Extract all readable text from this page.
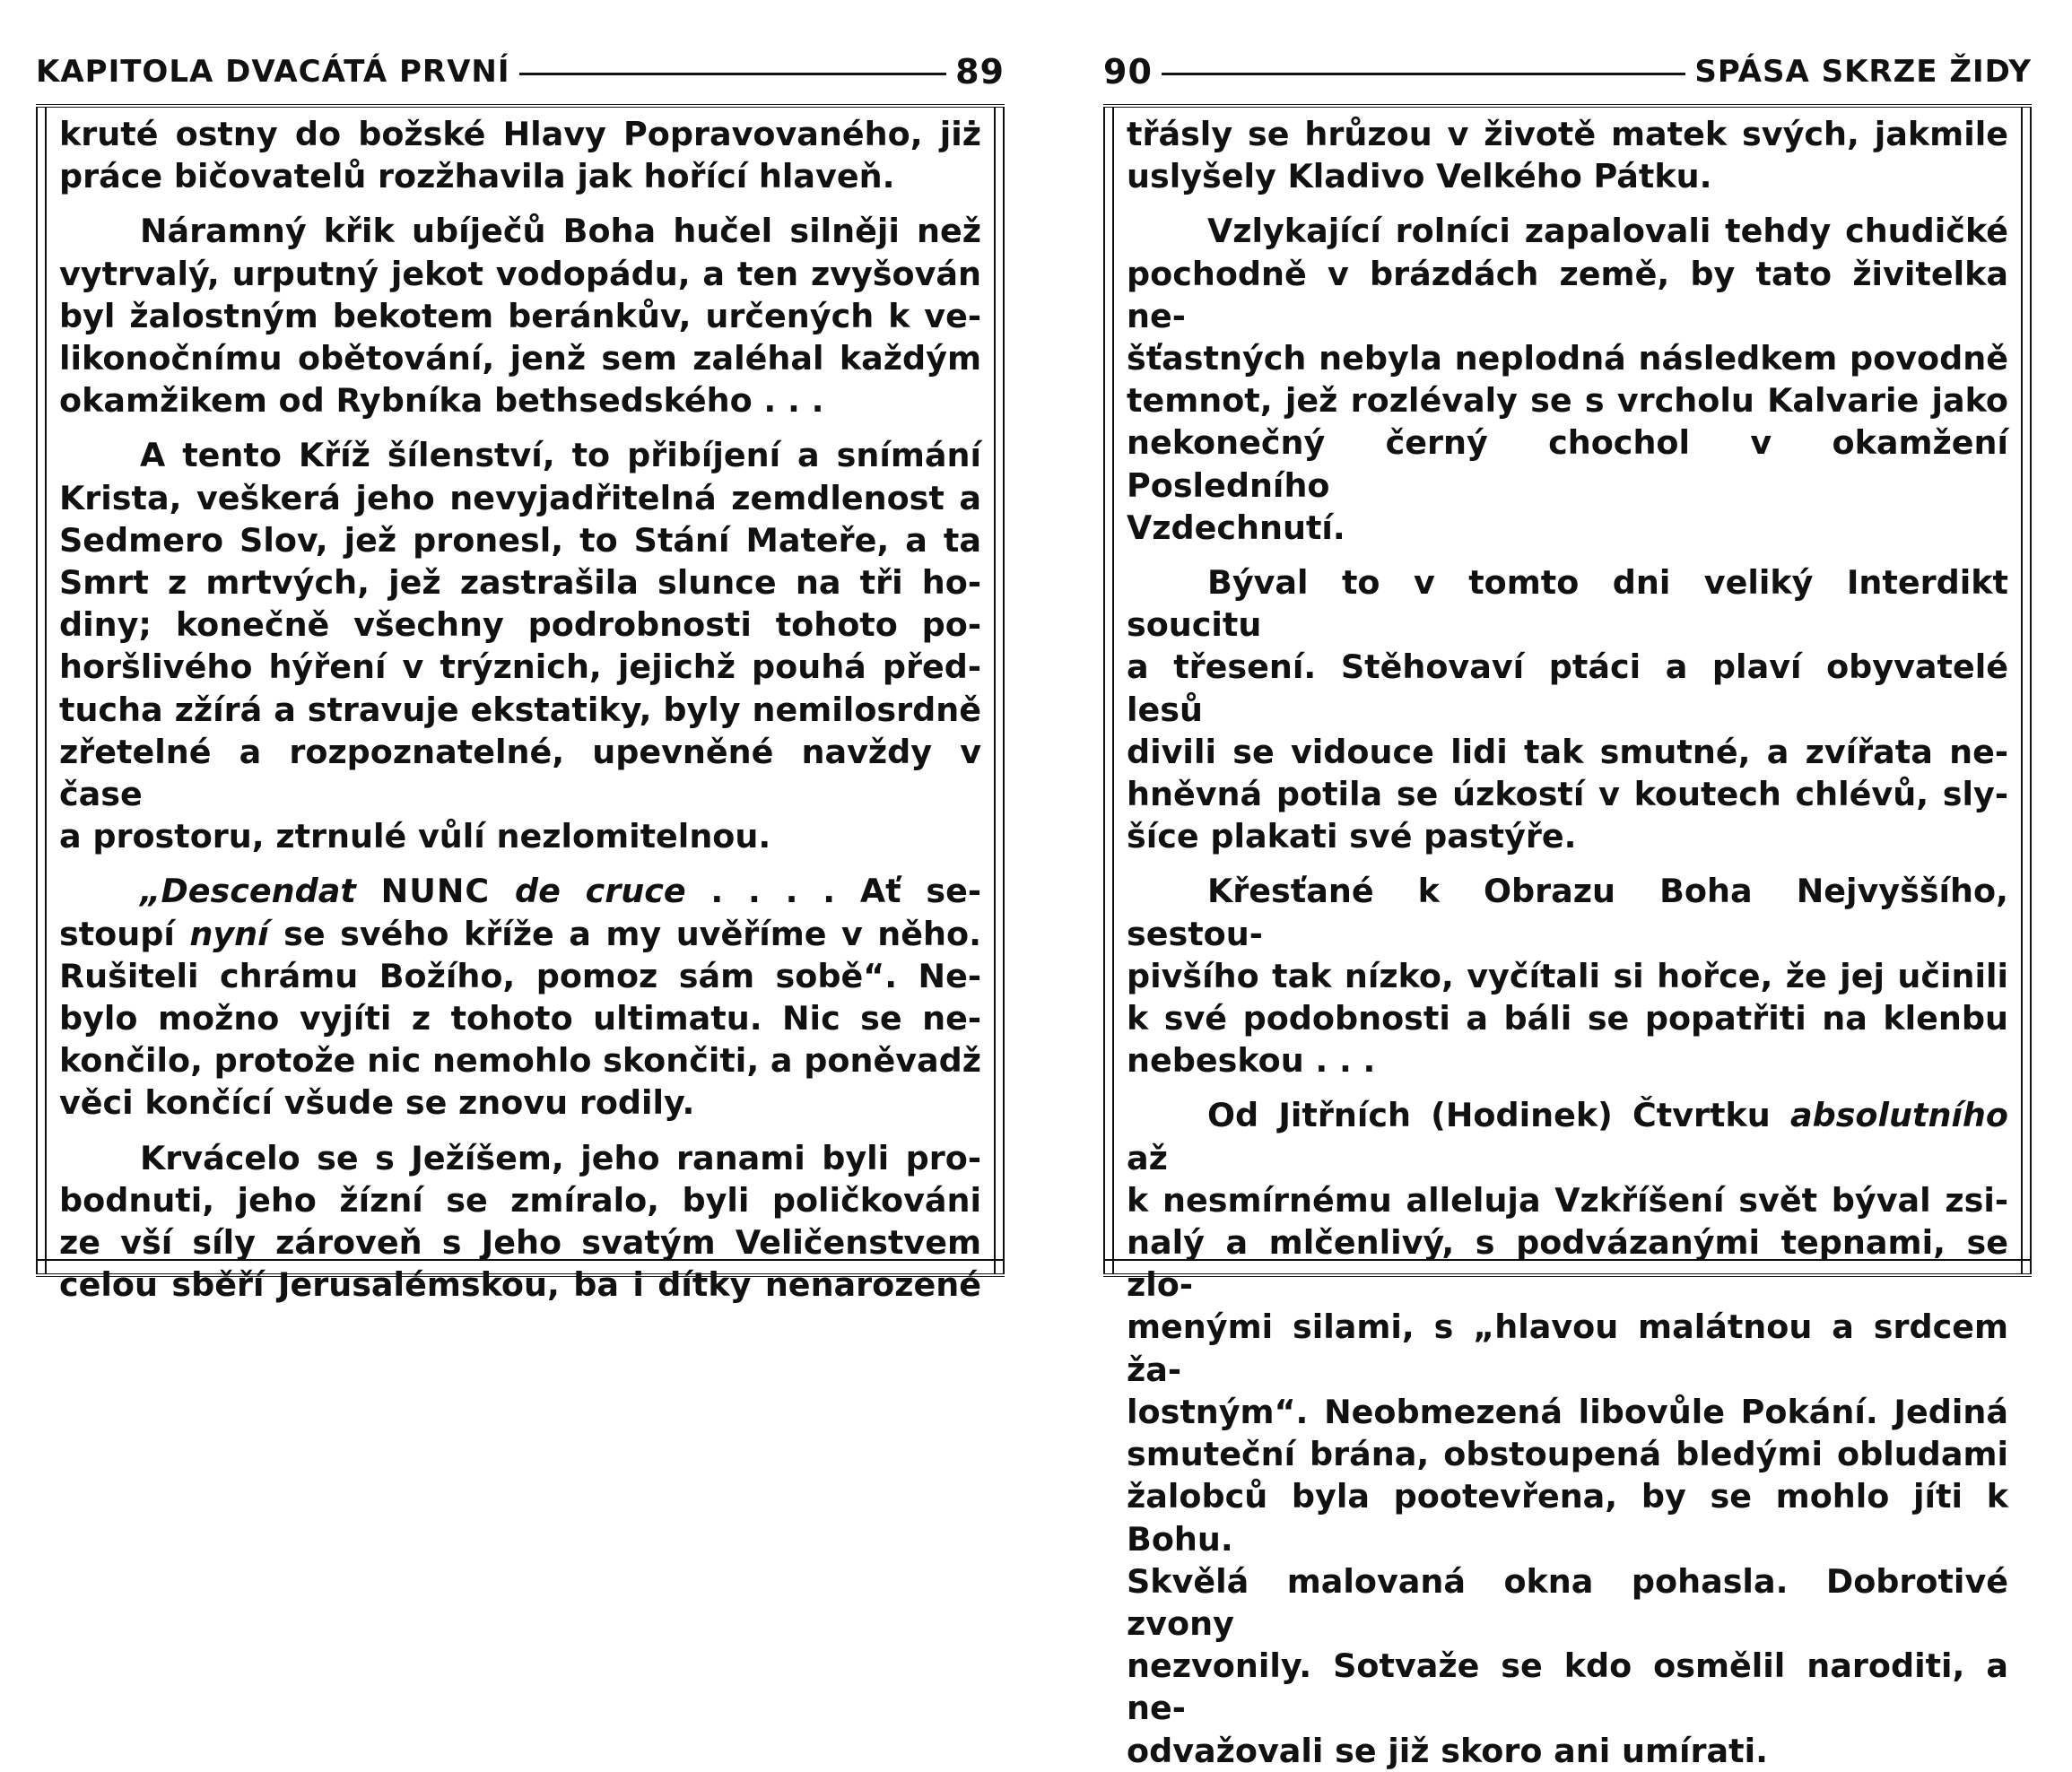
KAPITOLA DVACÁTÁ PRVNÍ	89

kruté ostny do božské Hlavy Popravovaného, jiż

práce bičovatelů rozžhavila jak hořící hlaveň.

Náramný křik ubíječů Boha hučel silněji než

vytrvalý, urputný jekot vodopádu, a ten zvyšován

byl žalostným bekotem beránkův, určených k ve-

likonočnímu obětování, jenž sem zaléhal každým

okamžikem od Rybníka bethsedského . . .

A tento Kříž šílenství, to přibíjení a snímání

Krista, veškerá jeho nevyjadřitelná zemdlenost a

Sedmero Slov, jež pronesl, to Stání Mateře, a ta

Smrt z mrtvých, jež zastrašila slunce na tři ho-

diny; konečně všechny podrobnosti tohoto po-

horšlivého hýření v trýznich, jejichž pouhá před-

tucha zžírá a stravuje ekstatiky, byly nemilosrdně

zřetelné a rozpoznatelné, upevněné navždy v čase

a prostoru, ztrnulé vůlí nezlomitelnou.

„Descendat NUNC de cruce . . . . Ať se-

stoupí nyní se svého kříže a my uvěříme v něho.

Rušiteli chrámu Božího, pomoz sám sobě“. Ne-

bylo možno vyjíti z tohoto ultimatu. Nic se ne-

končilo, protože nic nemohlo skončiti, a poněvadž

věci končící všude se znovu rodily.

Krvácelo se s Ježíšem, jeho ranami byli pro-

bodnuti, jeho žízní se zmíralo, byli poličkováni

ze vší síly zároveň s Jeho svatým Veličenstvem

celou sběří Jerusalémskou, ba i dítky nenarozené

90	SPÁSA SKRZE ŽIDY

třásly se hrůzou v životě matek svých, jakmile

uslyšely Kladivo Velkého Pátku.

Vzlykající rolníci zapalovali tehdy chudičké

pochodně v brázdách země, by tato živitelka ne-

šťastných nebyla neplodná následkem povodně

temnot, jež rozlévaly se s vrcholu Kalvarie jako

nekonečný černý chochol v okamžení Posledního

Vzdechnutí.

Býval to v tomto dni veliký Interdikt soucitu

a třesení. Stěhovaví ptáci a plaví obyvatelé lesů

divili se vidouce lidi tak smutné, a zvířata ne-

hněvná potila se úzkostí v koutech chlévů, sly-

šíce plakati své pastýře.

Křesťané k Obrazu Boha Nejvyššího, sestou-

pivšího tak nízko, vyčítali si hořce, že jej učinili

k své podobnosti a báli se popatřiti na klenbu

nebeskou . . .

Od Jitřních (Hodinek) Čtvrtku absolutního až

k nesmírnému alleluja Vzkříšení svět býval zsi-

nalý a mlčenlivý, s podvázanými tepnami, se zlo-

menými silami, s „hlavou malátnou a srdcem ža-

lostným“. Neobmezená libovůle Pokání. Jediná

smuteční brána, obstoupená bledými obludami

žalobců byla pootevřena, by se mohlo jíti k Bohu.

Skvělá malovaná okna pohasla. Dobrotivé zvony

nezvonily. Sotvaže se kdo osmělil naroditi, a ne-

odvažovali se již skoro ani umírati.
